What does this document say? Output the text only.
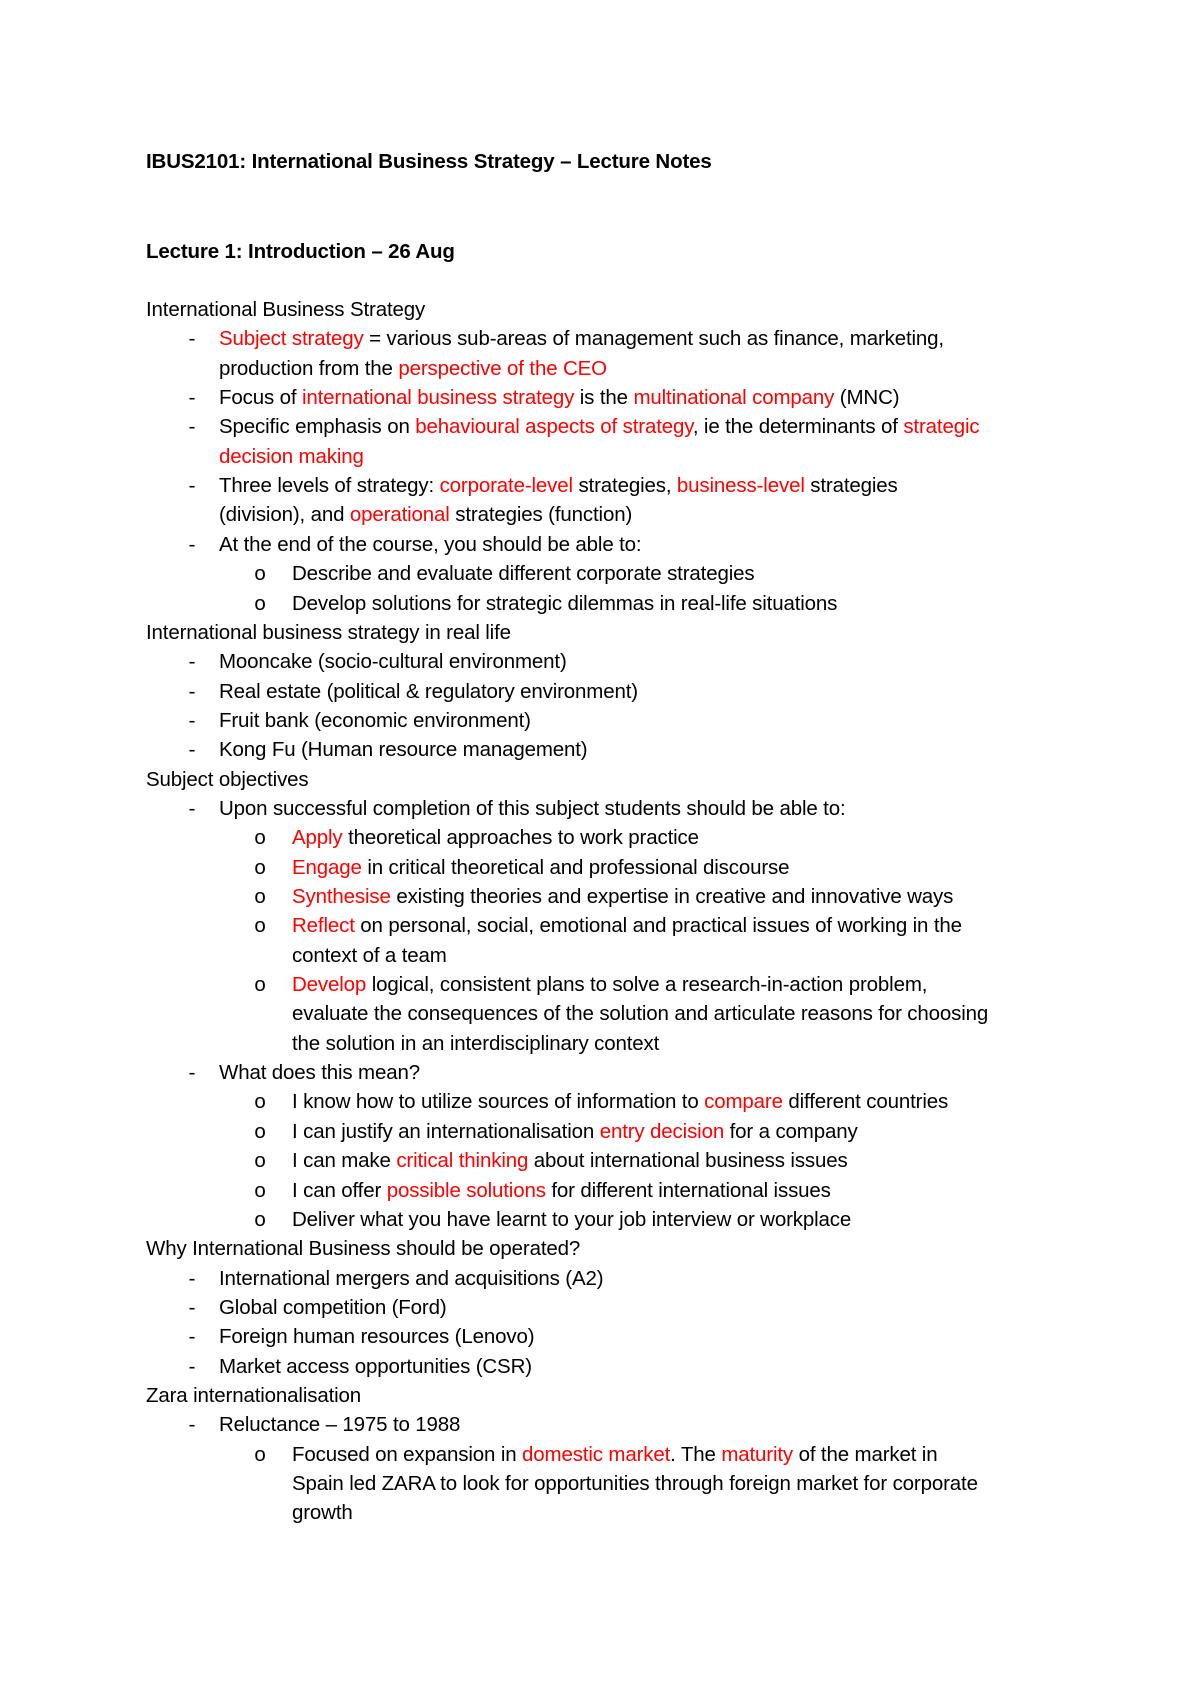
IBUS2101: International Business Strategy – Lecture Notes
Lecture 1: Introduction – 26 Aug
International Business Strategy
- Subject strategy = various sub-areas of management such as finance, marketing,
production from the perspective of the CEO
- Focus of international business strategy is the multinational company (MNC)
- Specific emphasis on behavioural aspects of strategy, ie the determinants of strategic
decision making
- Three levels of strategy: corporate-level strategies, business-level strategies
(division), and operational strategies (function)
- At the end of the course, you should be able to:
o Describe and evaluate different corporate strategies
o Develop solutions for strategic dilemmas in real-life situations
International business strategy in real life
- Mooncake (socio-cultural environment)
- Real estate (political & regulatory environment)
- Fruit bank (economic environment)
- Kong Fu (Human resource management)
Subject objectives
- Upon successful completion of this subject students should be able to:
o Apply theoretical approaches to work practice
o Engage in critical theoretical and professional discourse
o Synthesise existing theories and expertise in creative and innovative ways
o Reflect on personal, social, emotional and practical issues of working in the
context of a team
o Develop logical, consistent plans to solve a research-in-action problem,
evaluate the consequences of the solution and articulate reasons for choosing
the solution in an interdisciplinary context
- What does this mean?
o I know how to utilize sources of information to compare different countries
o I can justify an internationalisation entry decision for a company
o I can make critical thinking about international business issues
o I can offer possible solutions for different international issues
o Deliver what you have learnt to your job interview or workplace
Why International Business should be operated?
- International mergers and acquisitions (A2)
- Global competition (Ford)
- Foreign human resources (Lenovo)
- Market access opportunities (CSR)
Zara internationalisation
- Reluctance – 1975 to 1988
o Focused on expansion in domestic market. The maturity of the market in
Spain led ZARA to look for opportunities through foreign market for corporate
growth
